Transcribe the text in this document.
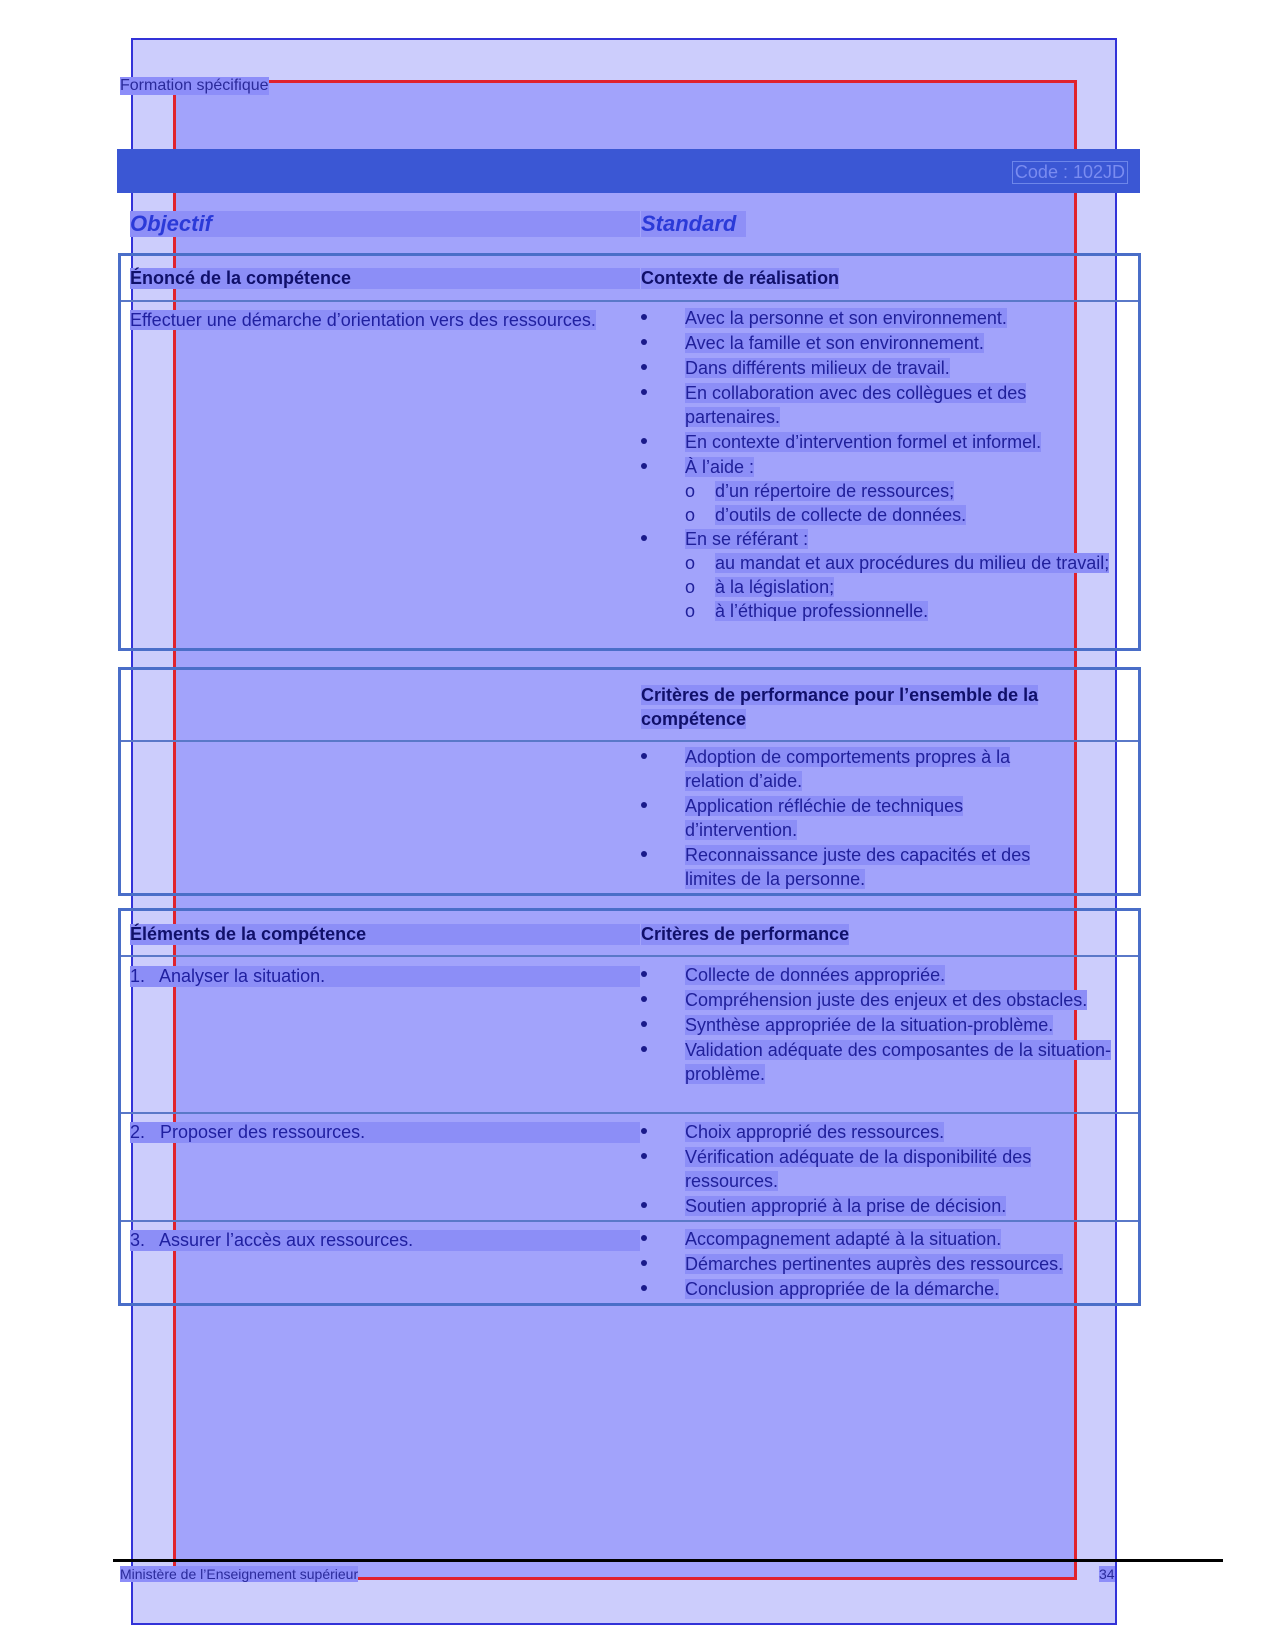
Formation spécifique
Code : 102JD
Objectif	Standard
Énoncé de la compétence	Contexte de réalisation
Effectuer une démarche d’orientation vers des ressources.	Avec la personne et son environnement.
Avec la famille et son environnement.
Dans différents milieux de travail.
En collaboration avec des collègues et des partenaires.
En contexte d’intervention formel et informel.
À l’aide :
o d’un répertoire de ressources;
o d’outils de collecte de données.
En se référant :
o au mandat et aux procédures du milieu de travail;
o à la législation;
o à l’éthique professionnelle.
Critères de performance pour l’ensemble de la compétence
Adoption de comportements propres à la relation d’aide.
Application réfléchie de techniques d’intervention.
Reconnaissance juste des capacités et des limites de la personne.
Éléments de la compétence	Critères de performance
1.   Analyser la situation.	Collecte de données appropriée.
Compréhension juste des enjeux et des obstacles.
Synthèse appropriée de la situation-problème.
Validation adéquate des composantes de la situation-problème.
2.   Proposer des ressources.	Choix approprié des ressources.
Vérification adéquate de la disponibilité des ressources.
Soutien approprié à la prise de décision.
3.   Assurer l’accès aux ressources.	Accompagnement adapté à la situation.
Démarches pertinentes auprès des ressources.
Conclusion appropriée de la démarche.
Ministère de l’Enseignement supérieur	34
